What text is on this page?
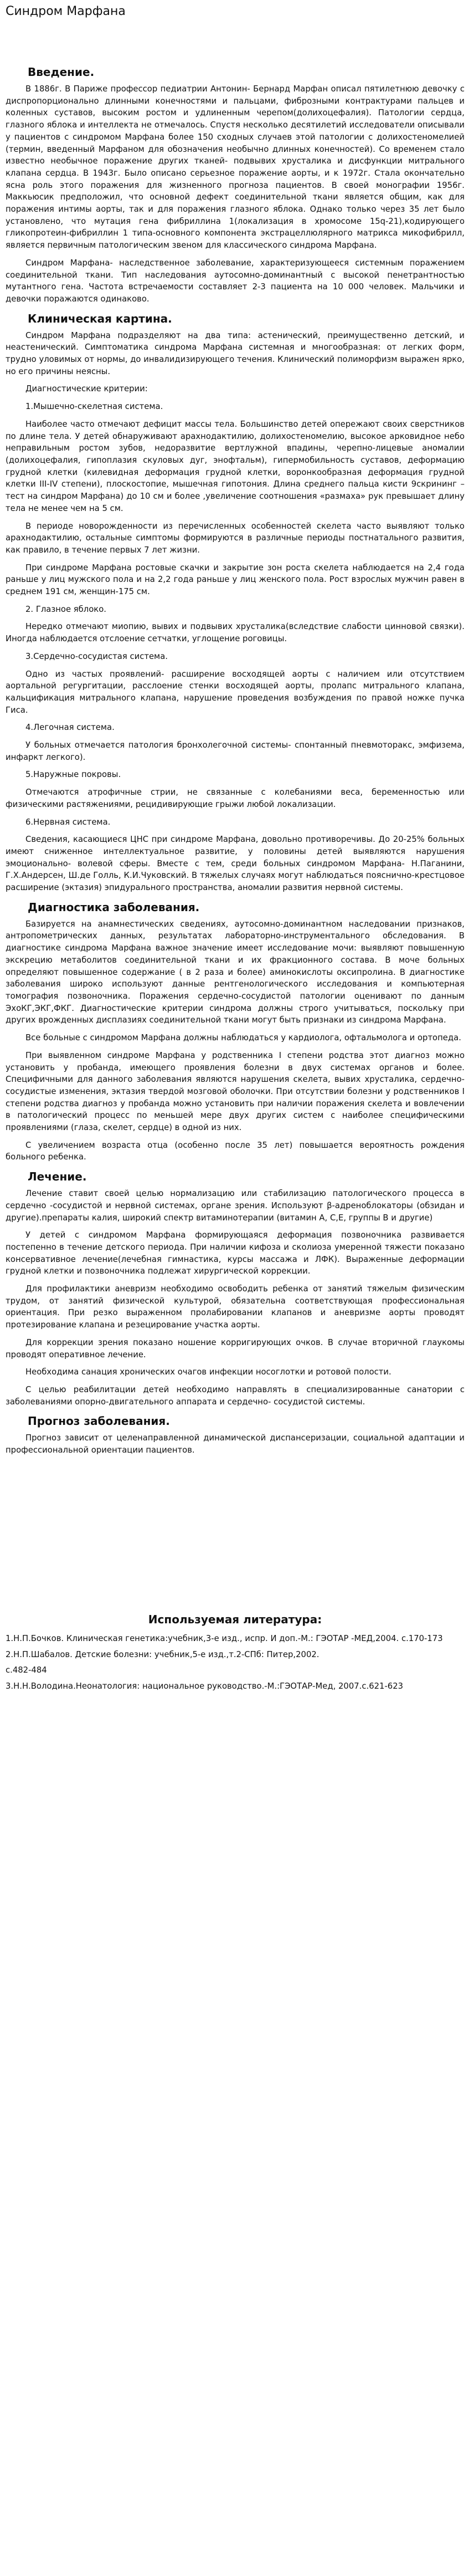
Синдром Марфана
Введение.

В 1886г. В Париже профессор педиатрии Антонин- Бернард Марфан описал пятилетнюю девочку с диспропорционально длинными конечностями и пальцами, фиброзными контрактурами пальцев и коленных суставов, высоким ростом и удлиненным черепом(долихоцефалия). Патологии сердца, глазного яблока и интеллекта не отмечалось. Спустя несколько десятилетий исследователи описывали у пациентов с синдромом Марфана более 150 сходных случаев этой патологии с долихостеномелией (термин, введенный Марфаном для обозначения необычно длинных конечностей). Со временем стало известно необычное поражение других тканей- подвывих хрусталика и дисфункции митрального клапана сердца. В 1943г. Было описано серьезное поражение аорты, и к 1972г. Стала окончательно ясна роль этого поражения для жизненного прогноза пациентов. В своей монографии 1956г. Маккьюсик предположил, что основной дефект соединительной ткани является общим, как для поражения интимы аорты, так и для поражения глазного яблока. Однако только через 35 лет было установлено, что мутация гена фибриллина 1(локализация в хромосоме 15q-21),кодирующего гликопротеин-фибриллин 1 типа-основного компонента экстрацеллюлярного матрикса микофибрилл, является первичным патологическим звеном для классического синдрома Марфана.

Синдром Марфана- наследственное заболевание, характеризующееся системным поражением соединительной ткани. Тип наследования аутосомно-доминантный с высокой пенетрантностью мутантного гена. Частота встречаемости составляет 2-3 пациента на 10 000 человек. Мальчики и девочки поражаются одинаково.

Клиническая картина.

Синдром Марфана подразделяют на два типа: астенический, преимущественно детский, и неастенический. Симптоматика синдрома Марфана системная и многообразная: от легких форм, трудно уловимых от нормы, до инвалидизирующего течения. Клинический полиморфизм выражен ярко, но его причины неясны.

Диагностические критерии:

1.Мышечно-скелетная система.

Наиболее часто отмечают дефицит массы тела. Большинство детей опережают своих сверстников по длине тела. У детей обнаруживают арахнодактилию, долихостеномелию, высокое арковидное небо неправильным ростом зубов, недоразвитие вертлужной впадины, черепно-лицевые аномалии (долихоцефалия, гипоплазия скуловых дуг, энофтальм), гипермобильность суставов, деформацию грудной клетки (килевидная деформация грудной клетки, воронкообразная деформация грудной клетки III-IV степени), плоскостопие, мышечная гипотония. Длина среднего пальца кисти 9скрининг – тест на синдром Марфана) до 10 см и более ,увеличение соотношения «размаха» рук превышает длину тела не менее чем на 5 см.

В периоде новорожденности из перечисленных особенностей скелета часто выявляют только арахнодактилию, остальные симптомы формируются в различные периоды постнатального развития, как правило, в течение первых 7 лет жизни.

При синдроме Марфана ростовые скачки и закрытие зон роста скелета наблюдается на 2,4 года раньше у лиц мужского пола и на 2,2 года раньше у лиц женского пола. Рост взрослых мужчин равен в среднем 191 см, женщин-175 см.

2. Глазное яблоко.

Нередко отмечают миопию, вывих и подвывих хрусталика(вследствие слабости цинновой связки). Иногда наблюдается отслоение сетчатки, углощение роговицы.

3.Сердечно-сосудистая система.

Одно из частых проявлений- расширение восходящей аорты с наличием или отсутствием аортальной регургитации, расслоение стенки восходящей аорты, пролапс митрального клапана, кальцификация митрального клапана, нарушение проведения возбуждения по правой ножке пучка Гиса.

4.Легочная система.

У больных отмечается патология бронхолегочной системы- спонтанный пневмоторакс, эмфизема, инфаркт легкого).

5.Наружные покровы.

Отмечаются атрофичные стрии, не связанные с колебаниями веса, беременностью или физическими растяжениями, рецидивирующие грыжи любой локализации.

6.Нервная система.

Сведения, касающиеся ЦНС при синдроме Марфана, довольно противоречивы. До 20-25% больных имеют сниженное интеллектуальное развитие, у половины детей выявляются нарушения эмоционально- волевой сферы. Вместе с тем, среди больных синдромом Марфана- Н.Паганини, Г.Х.Андерсен, Ш.де Голль, К.И.Чуковский. В тяжелых случаях могут наблюдаться пояснично-крестцовое расширение (эктазия) эпидурального пространства, аномалии развития нервной системы.

Диагностика заболевания.

Базируется на анамнестических сведениях, аутосомно-доминантном наследовании признаков, антропометрических данных, результатах лабораторно-инструментального обследования. В диагностике синдрома Марфана важное значение имеет исследование мочи: выявляют повышенную экскрецию метаболитов соединительной ткани и их фракционного состава. В моче больных определяют повышенное содержание ( в 2 раза и более) аминокислоты оксипролина. В диагностике заболевания широко используют данные рентгенологического исследования и компьютерная томография позвоночника. Поражения сердечно-сосудистой патологии оценивают по данным ЭхоКГ,ЭКГ,ФКГ. Диагностические критерии синдрома должны строго учитываться, поскольку при других врожденных дисплазиях соединительной ткани могут быть признаки из синдрома Марфана.

Все больные с синдромом Марфана должны наблюдаться у кардиолога, офтальмолога и ортопеда.

При выявленном синдроме Марфана у родственника I степени родства этот диагноз можно установить у пробанда, имеющего проявления болезни в двух системах органов и более. Специфичными для данного заболевания являются нарушения скелета, вывих хрусталика, сердечно- сосудистые изменения, эктазия твердой мозговой оболочки. При отсутствии болезни у родственников I степени родства диагноз у пробанда можно установить при наличии поражения скелета и вовлечении в патологический процесс по меньшей мере двух других систем с наиболее специфическими проявлениями (глаза, скелет, сердце) в одной из них.

С увеличением возраста отца (особенно после 35 лет) повышается вероятность рождения больного ребенка.

Лечение.

Лечение ставит своей целью нормализацию или стабилизацию патологического процесса в сердечно -сосудистой и нервной системах, органе зрения. Используют β-адреноблокаторы (обзидан и другие).препараты калия, широкий спектр витаминотерапии (витамин А, С,Е, группы В и другие)

У детей с синдромом Марфана формирующаяся деформация позвоночника развивается постепенно в течение детского периода. При наличии кифоза и сколиоза умеренной тяжести показано консервативное лечение(лечебная гимнастика, курсы массажа и ЛФК). Выраженные деформации грудной клетки и позвоночника подлежат хирургической коррекции.

Для профилактики аневризм необходимо освободить ребенка от занятий тяжелым физическим трудом, от занятий физической культурой, обязательна соответствующая профессиональная ориентация. При резко выраженном пролабировании клапанов и аневризме аорты проводят протезирование клапана и резецирование участка аорты.

Для коррекции зрения показано ношение корригирующих очков. В случае вторичной глаукомы проводят оперативное лечение.

Необходима санация хронических очагов инфекции носоглотки и ротовой полости.

С целью реабилитации детей необходимо направлять в специализированные санатории с заболеваниями опорно-двигательного аппарата и сердечно- сосудистой системы.

Прогноз заболевания.

Прогноз зависит от целенаправленной динамической диспансеризации, социальной адаптации и профессиональной ориентации пациентов.

Используемая литература:

1.Н.П.Бочков. Клиническая генетика:учебник,3-е изд., испр. И доп.-М.: ГЭОТАР -МЕД,2004. с.170-173

2.Н.П.Шабалов. Детские болезни: учебник,5-е изд.,т.2-СПб: Питер,2002.

с.482-484

3.Н.Н.Володина.Неонатология: национальное руководство.-М.:ГЭОТАР-Мед, 2007.с.621-623
